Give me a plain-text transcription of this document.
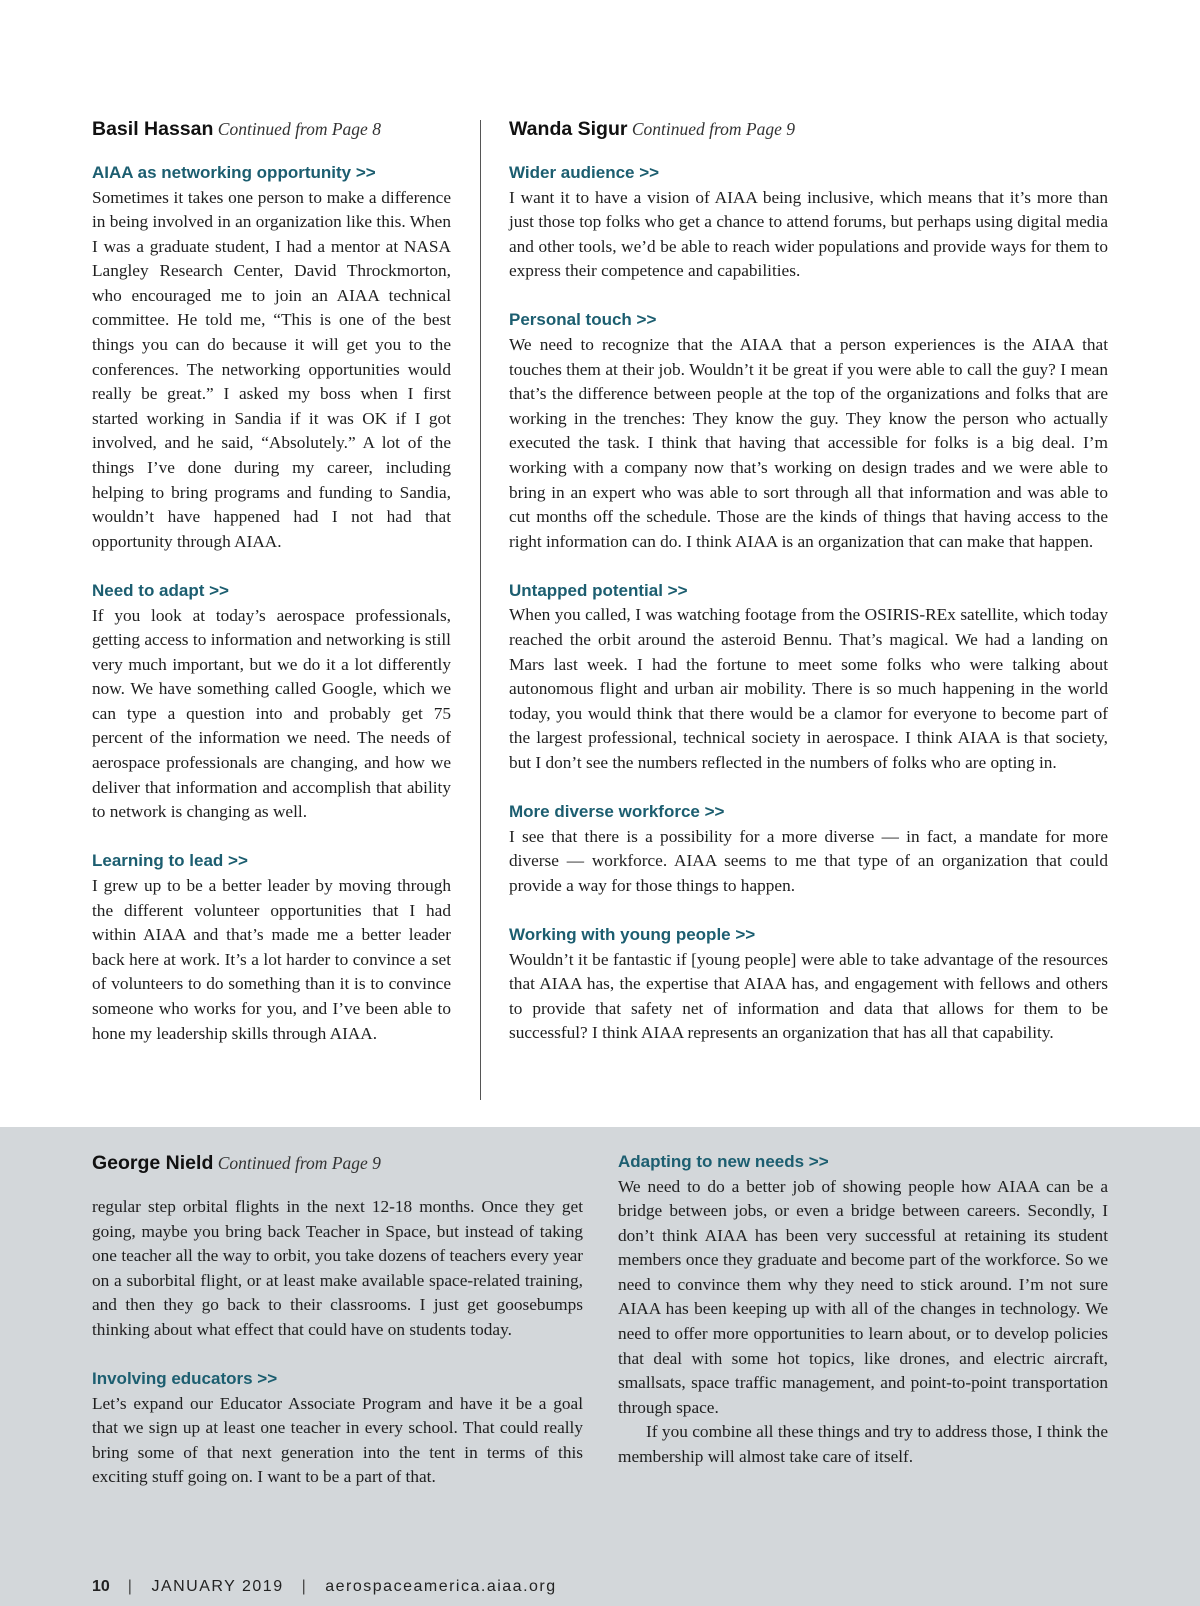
Basil Hassan Continued from Page 8

AIAA as networking opportunity >>

Sometimes it takes one person to make a difference in being involved in an organization like this. When I was a graduate student, I had a mentor at NASA Langley Research Center, David Throckmorton, who encouraged me to join an AIAA technical committee. He told me, “This is one of the best things you can do because it will get you to the conferences. The networking opportunities would really be great.” I asked my boss when I first started working in Sandia if it was OK if I got involved, and he said, “Absolutely.” A lot of the things I’ve done during my career, including helping to bring programs and funding to Sandia, wouldn’t have happened had I not had that opportunity through AIAA.

Need to adapt >>

If you look at today’s aerospace professionals, getting access to information and networking is still very much important, but we do it a lot differently now. We have something called Google, which we can type a question into and probably get 75 percent of the information we need. The needs of aerospace professionals are changing, and how we deliver that information and accomplish that ability to network is changing as well.

Learning to lead >>

I grew up to be a better leader by moving through the different volunteer opportunities that I had within AIAA and that’s made me a better leader back here at work. It’s a lot harder to convince a set of volunteers to do something than it is to convince someone who works for you, and I’ve been able to hone my leadership skills through AIAA.

Wanda Sigur Continued from Page 9

Wider audience >>

I want it to have a vision of AIAA being inclusive, which means that it’s more than just those top folks who get a chance to attend forums, but perhaps using digital media and other tools, we’d be able to reach wider populations and provide ways for them to express their competence and capabilities.

Personal touch >>

We need to recognize that the AIAA that a person experiences is the AIAA that touches them at their job. Wouldn’t it be great if you were able to call the guy? I mean that’s the difference between people at the top of the organizations and folks that are working in the trenches: They know the guy. They know the person who actually executed the task. I think that having that accessible for folks is a big deal. I’m working with a company now that’s working on design trades and we were able to bring in an expert who was able to sort through all that information and was able to cut months off the schedule. Those are the kinds of things that having access to the right information can do. I think AIAA is an organization that can make that happen.

Untapped potential >>

When you called, I was watching footage from the OSIRIS-REx satellite, which today reached the orbit around the asteroid Bennu. That’s magical. We had a landing on Mars last week. I had the fortune to meet some folks who were talking about autonomous flight and urban air mobility. There is so much happening in the world today, you would think that there would be a clamor for everyone to become part of the largest professional, technical society in aerospace. I think AIAA is that society, but I don’t see the numbers reflected in the numbers of folks who are opting in.

More diverse workforce >>

I see that there is a possibility for a more diverse — in fact, a mandate for more diverse — workforce. AIAA seems to me that type of an organization that could provide a way for those things to happen.

Working with young people >>

Wouldn’t it be fantastic if [young people] were able to take advantage of the resources that AIAA has, the expertise that AIAA has, and engagement with fellows and others to provide that safety net of information and data that allows for them to be successful? I think AIAA represents an organization that has all that capability.

George Nield Continued from Page 9

regular step orbital flights in the next 12-18 months. Once they get going, maybe you bring back Teacher in Space, but instead of taking one teacher all the way to orbit, you take dozens of teachers every year on a suborbital flight, or at least make available space-related training, and then they go back to their classrooms. I just get goosebumps thinking about what effect that could have on students today.

Involving educators >>

Let’s expand our Educator Associate Program and have it be a goal that we sign up at least one teacher in every school. That could really bring some of that next generation into the tent in terms of this exciting stuff going on. I want to be a part of that.

Adapting to new needs >>

We need to do a better job of showing people how AIAA can be a bridge between jobs, or even a bridge between careers. Secondly, I don’t think AIAA has been very successful at retaining its student members once they graduate and become part of the workforce. So we need to convince them why they need to stick around. I’m not sure AIAA has been keeping up with all of the changes in technology. We need to offer more opportunities to learn about, or to develop policies that deal with some hot topics, like drones, and electric aircraft, smallsats, space traffic management, and point-to-point transportation through space.

If you combine all these things and try to address those, I think the membership will almost take care of itself.

10 | JANUARY 2019 | aerospaceamerica.aiaa.org
